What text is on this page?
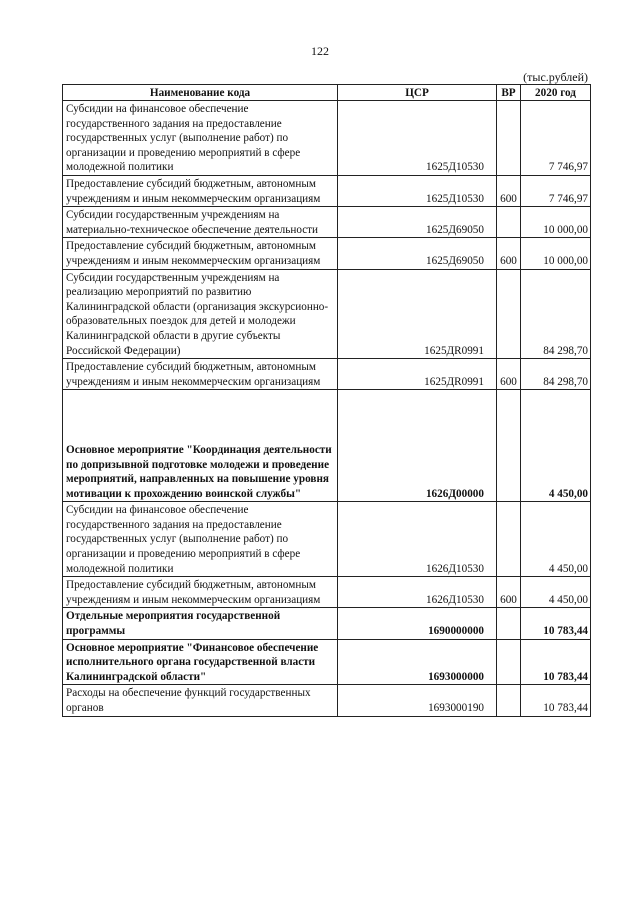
122
(тыс.рублей)
Наименование кода	ЦСР	ВР	2020 год
Субсидии на финансовое обеспечение государственного задания на предоставление государственных услуг (выполнение работ) по организации и проведению мероприятий в сфере молодежной политики	1625Д10530		7 746,97
Предоставление субсидий бюджетным, автономным учреждениям и иным некоммерческим организациям	1625Д10530	600	7 746,97
Субсидии государственным учреждениям на материально-техническое обеспечение деятельности	1625Д69050		10 000,00
Предоставление субсидий бюджетным, автономным учреждениям и иным некоммерческим организациям	1625Д69050	600	10 000,00
Субсидии государственным учреждениям на реализацию мероприятий по развитию Калининградской области (организация экскурсионно-образовательных поездок для детей и молодежи Калининградской области в другие субъекты Российской Федерации)	1625ДR0991		84 298,70
Предоставление субсидий бюджетным, автономным учреждениям и иным некоммерческим организациям	1625ДR0991	600	84 298,70
Основное мероприятие "Координация деятельности по допризывной подготовке молодежи и проведение мероприятий, направленных на повышение уровня мотивации к прохождению воинской службы"	1626Д00000		4 450,00
Субсидии на финансовое обеспечение государственного задания на предоставление государственных услуг (выполнение работ) по организации и проведению мероприятий в сфере молодежной политики	1626Д10530		4 450,00
Предоставление субсидий бюджетным, автономным учреждениям и иным некоммерческим организациям	1626Д10530	600	4 450,00
Отдельные мероприятия государственной программы	1690000000		10 783,44
Основное мероприятие "Финансовое обеспечение исполнительного органа государственной власти Калининградской области"	1693000000		10 783,44
Расходы на обеспечение функций государственных органов	1693000190		10 783,44
